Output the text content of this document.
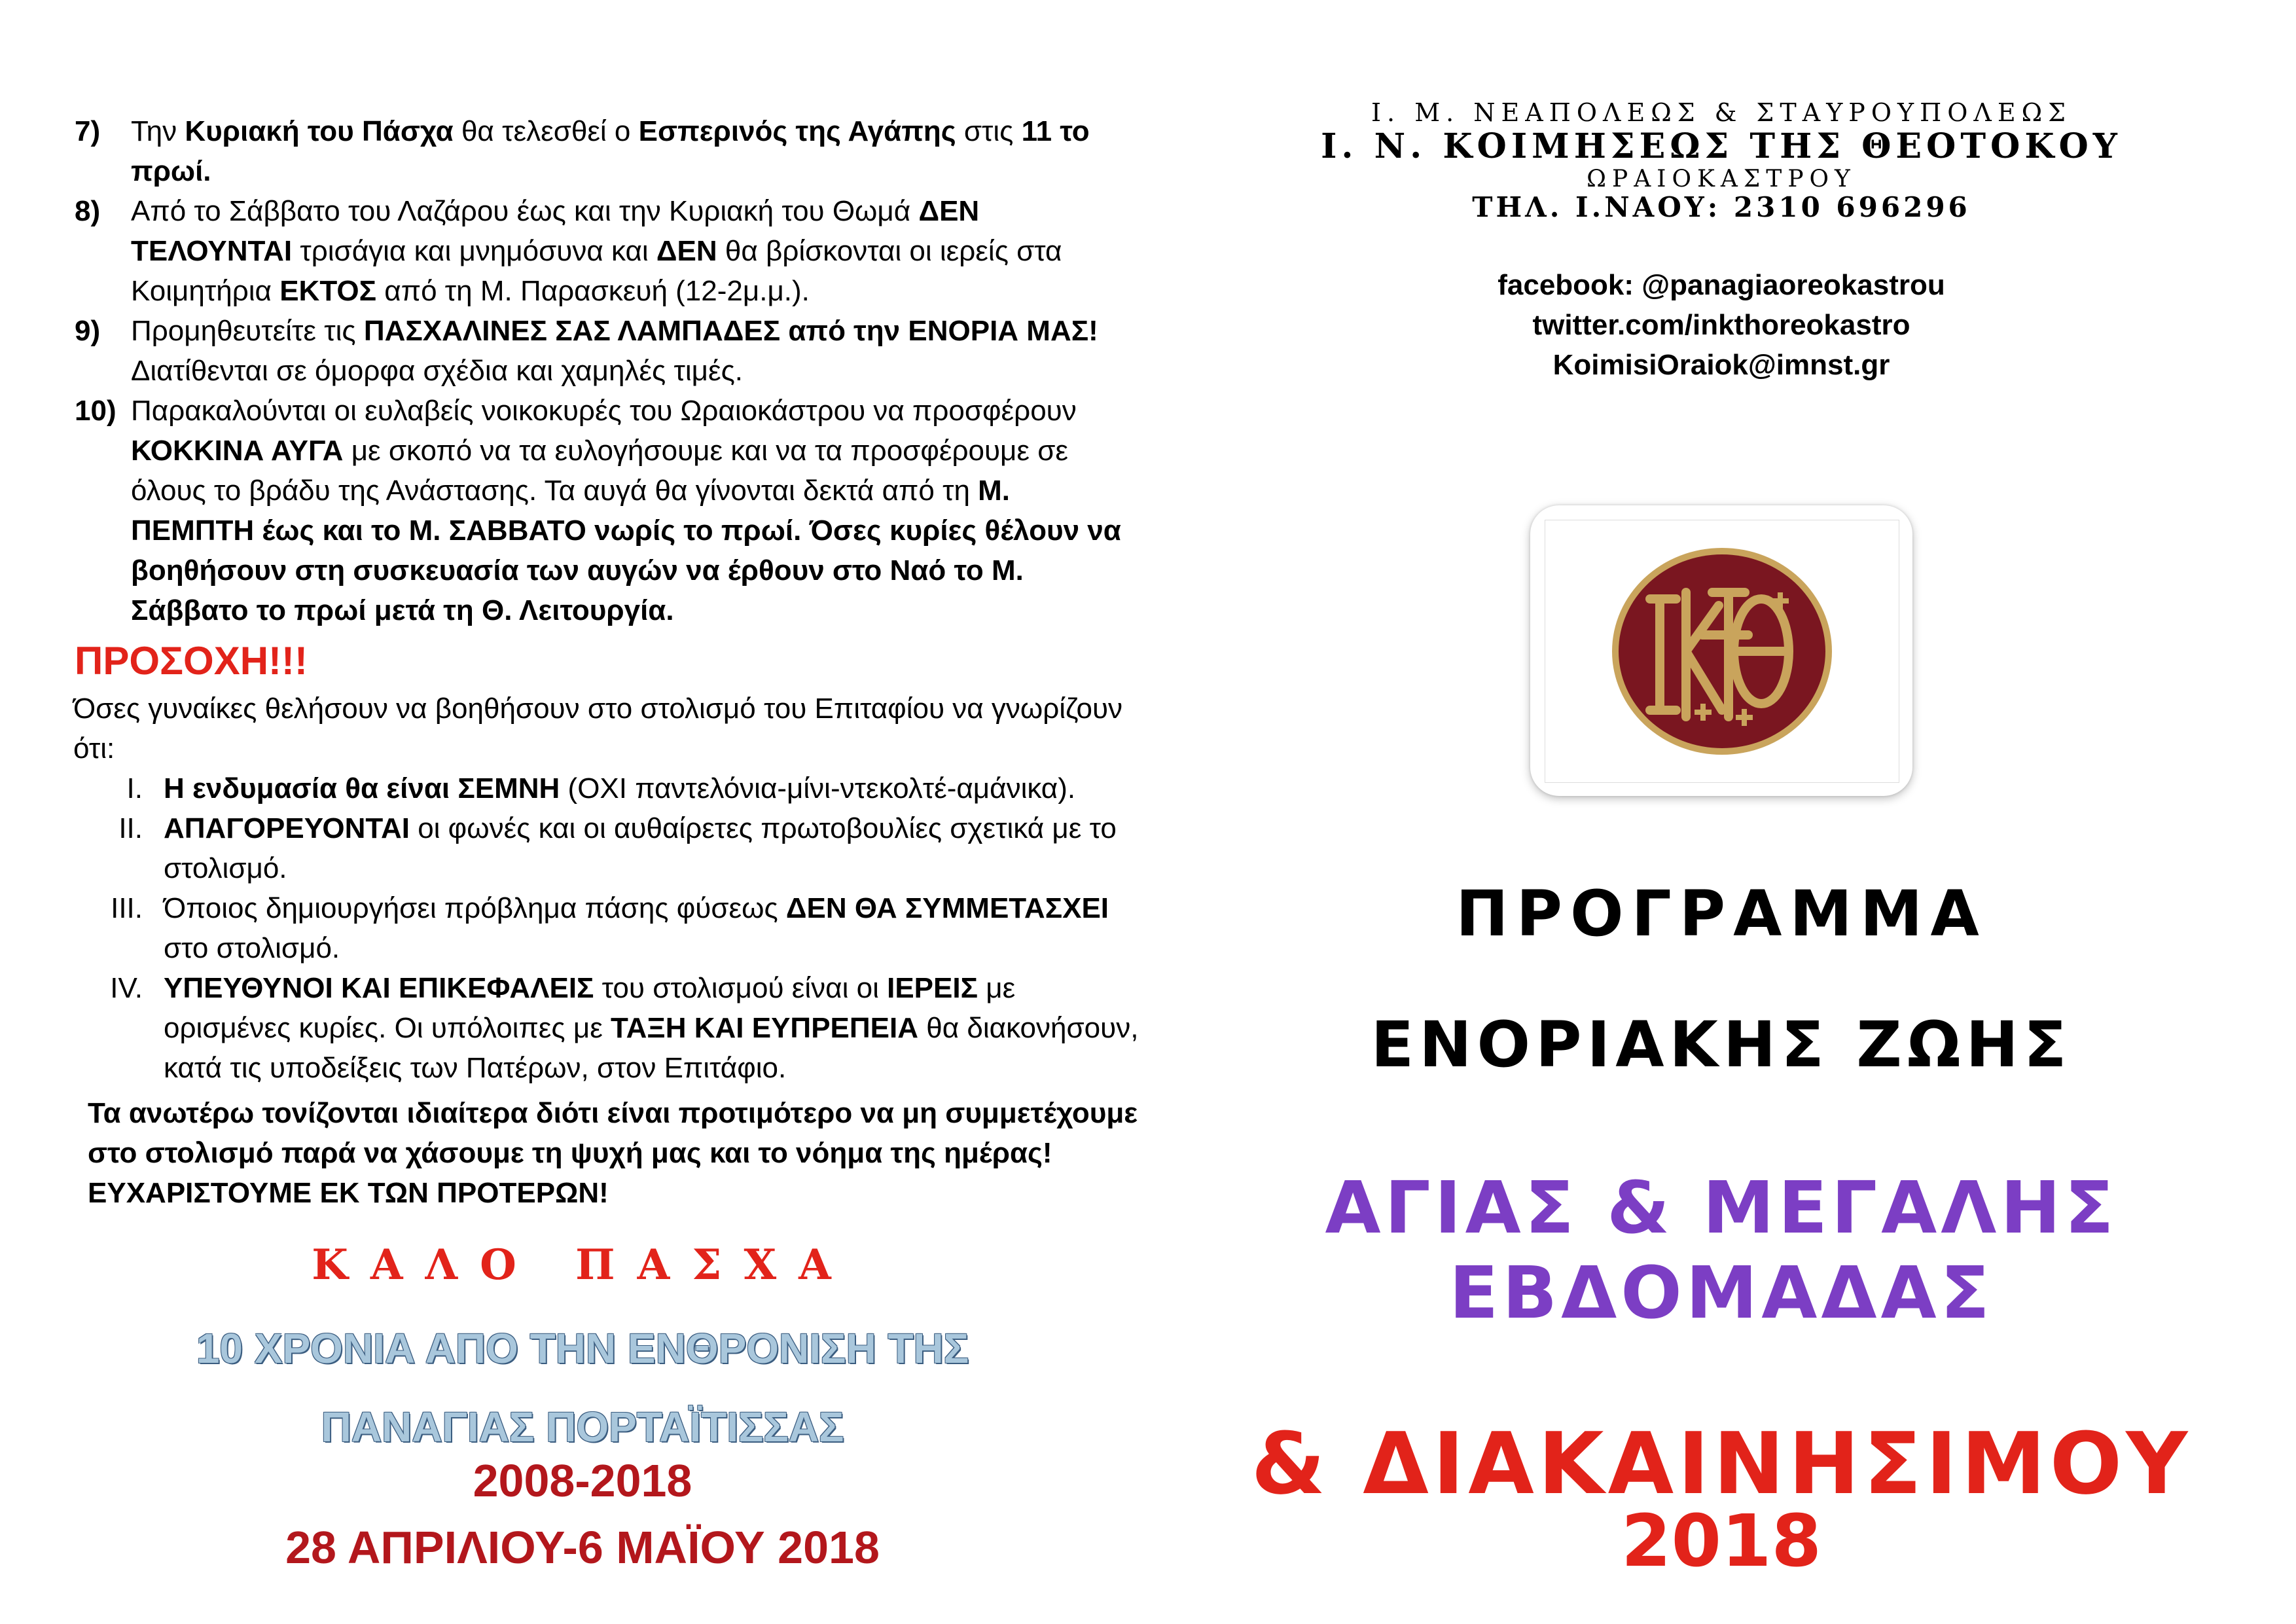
7) Την Κυριακή του Πάσχα θα τελεσθεί ο Εσπερινός της Αγάπης στις 11 το πρωί.

8) Από το Σάββατο του Λαζάρου έως και την Κυριακή του Θωμά ΔΕΝ ΤΕΛΟΥΝΤΑΙ τρισάγια και μνημόσυνα και ΔΕΝ θα βρίσκονται οι ιερείς στα Κοιμητήρια ΕΚΤΟΣ από τη Μ. Παρασκευή (12-2μ.μ.).

9) Προμηθευτείτε τις ΠΑΣΧΑΛΙΝΕΣ ΣΑΣ ΛΑΜΠΑΔΕΣ από την ΕΝΟΡΙΑ ΜΑΣ! Διατίθενται σε όμορφα σχέδια και χαμηλές τιμές.

10) Παρακαλούνται οι ευλαβείς νοικοκυρές του Ωραιοκάστρου να προσφέρουν ΚΟΚΚΙΝΑ ΑΥΓΑ με σκοπό να τα ευλογήσουμε και να τα προσφέρουμε σε όλους το βράδυ της Ανάστασης. Τα αυγά θα γίνονται δεκτά από τη Μ. ΠΕΜΠΤΗ έως και το Μ. ΣΑΒΒΑΤΟ νωρίς το πρωί. Όσες κυρίες θέλουν να βοηθήσουν στη συσκευασία των αυγών να έρθουν στο Ναό το Μ. Σάββατο το πρωί μετά τη Θ. Λειτουργία.

ΠΡΟΣΟΧΗ!!!

Όσες γυναίκες θελήσουν να βοηθήσουν στο στολισμό του Επιταφίου να γνωρίζουν ότι:

I. Η ενδυμασία θα είναι ΣΕΜΝΗ (ΟΧΙ παντελόνια-μίνι-ντεκολτέ-αμάνικα).

II. ΑΠΑΓΟΡΕΥΟΝΤΑΙ οι φωνές και οι αυθαίρετες πρωτοβουλίες σχετικά με το στολισμό.

III. Όποιος δημιουργήσει πρόβλημα πάσης φύσεως ΔΕΝ ΘΑ ΣΥΜΜΕΤΑΣΧΕΙ στο στολισμό.

IV. ΥΠΕΥΘΥΝΟΙ ΚΑΙ ΕΠΙΚΕΦΑΛΕΙΣ του στολισμού είναι οι ΙΕΡΕΙΣ με ορισμένες κυρίες. Οι υπόλοιπες με ΤΑΞΗ ΚΑΙ ΕΥΠΡΕΠΕΙΑ θα διακονήσουν, κατά τις υποδείξεις των Πατέρων, στον Επιτάφιο.

Τα ανωτέρω τονίζονται ιδιαίτερα διότι είναι προτιμότερο να μη συμμετέχουμε στο στολισμό παρά να χάσουμε τη ψυχή μας και το νόημα της ημέρας! ΕΥΧΑΡΙΣΤΟΥΜΕ ΕΚ ΤΩΝ ΠΡΟΤΕΡΩΝ!

ΚΑΛΟ ΠΑΣΧΑ
10 ΧΡΟΝΙΑ ΑΠΟ ΤΗΝ ΕΝΘΡΟΝΙΣΗ ΤΗΣ
ΠΑΝΑΓΙΑΣ ΠΟΡΤΑΪΤΙΣΣΑΣ
2008-2018
28 ΑΠΡΙΛΙΟΥ-6 ΜΑΪΟΥ 2018
Ι. Μ. ΝΕΑΠΟΛΕΩΣ & ΣΤΑΥΡΟΥΠΟΛΕΩΣ
Ι. Ν. ΚΟΙΜΗΣΕΩΣ ΤΗΣ ΘΕΟΤΟΚΟΥ
ΩΡΑΙΟΚΑΣΤΡΟΥ
ΤΗΛ. Ι.ΝΑΟΥ: 2310 696296
facebook: @panagiaoreokastrou
twitter.com/inkthoreokastro
KoimisiOraiok@imnst.gr
ΠΡΟΓΡΑΜΜΑ
ΕΝΟΡΙΑΚΗΣ ΖΩΗΣ
ΑΓΙΑΣ & ΜΕΓΑΛΗΣ
ΕΒΔΟΜΑΔΑΣ
& ΔΙΑΚΑΙΝΗΣΙΜΟΥ
2018
